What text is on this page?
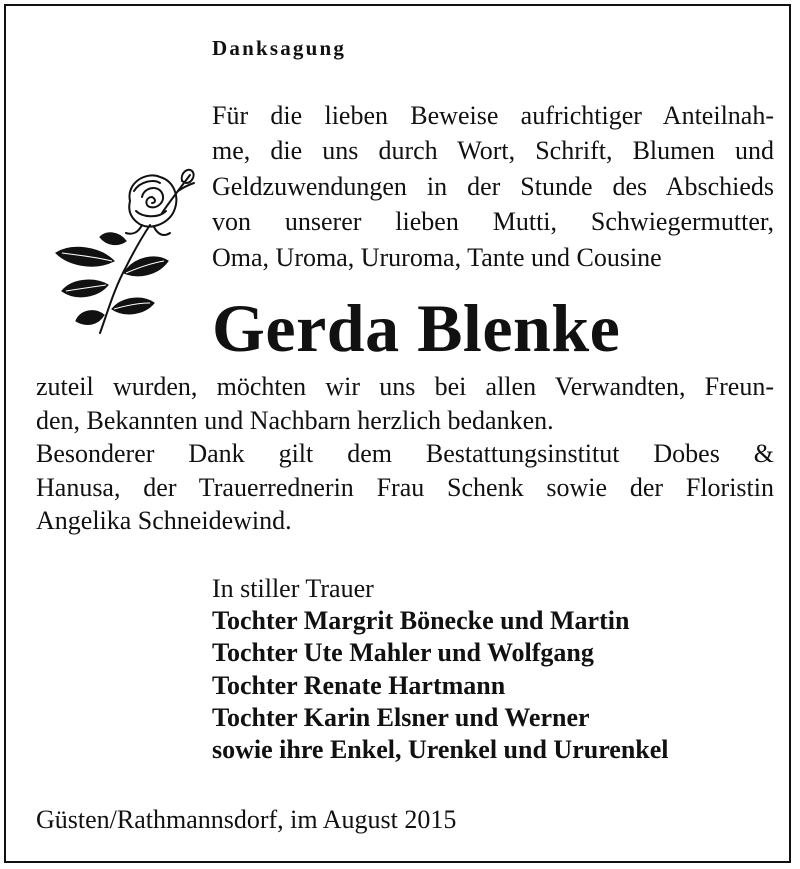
Danksagung
Für die lieben Beweise aufrichtiger Anteilnah-
me, die uns durch Wort, Schrift, Blumen und
Geldzuwendungen in der Stunde des Abschieds
von unserer lieben Mutti, Schwiegermutter,
Oma, Uroma, Ururoma, Tante und Cousine
Gerda Blenke
zuteil wurden, möchten wir uns bei allen Verwandten, Freun-
den, Bekannten und Nachbarn herzlich bedanken.
Besonderer Dank gilt dem Bestattungsinstitut Dobes &
Hanusa, der Trauerrednerin Frau Schenk sowie der Floristin
Angelika Schneidewind.
In stiller Trauer
Tochter Margrit Bönecke und Martin
Tochter Ute Mahler und Wolfgang
Tochter Renate Hartmann
Tochter Karin Elsner und Werner
sowie ihre Enkel, Urenkel und Ururenkel
Güsten/Rathmannsdorf, im August 2015
